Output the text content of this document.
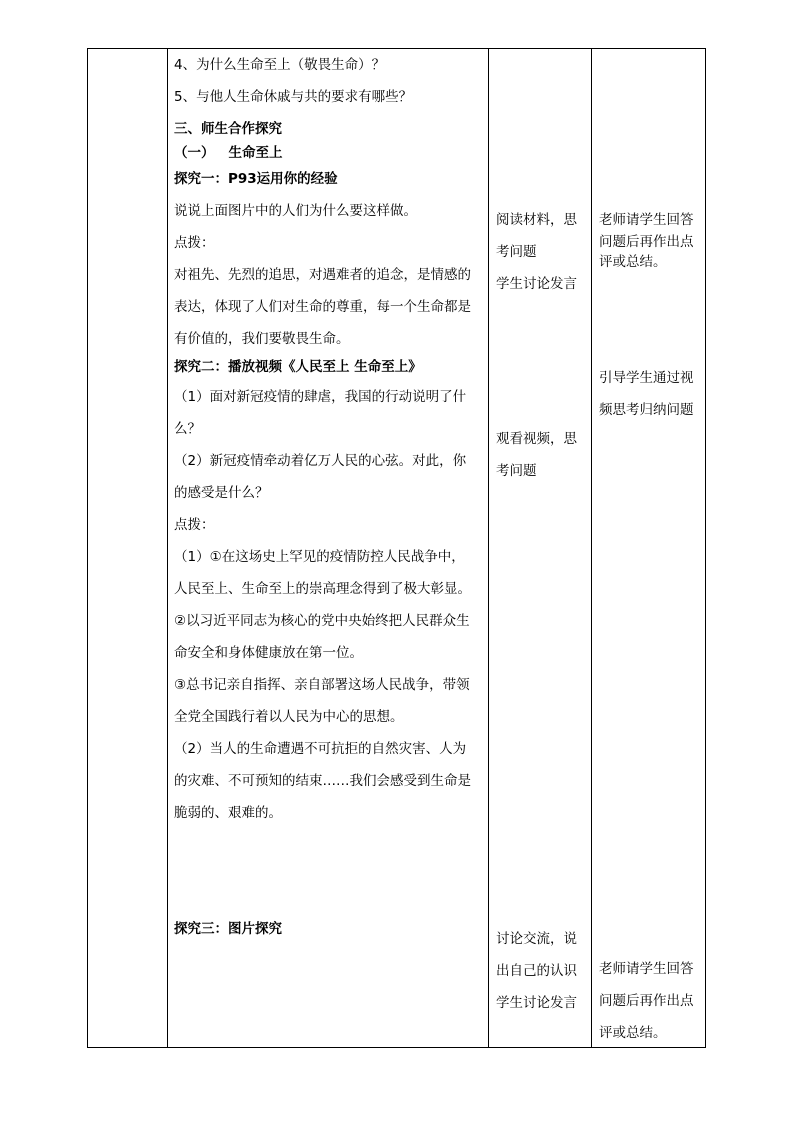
4、为什么生命至上（敬畏生命）？
5、与他人生命休戚与共的要求有哪些？
三、师生合作探究
（一） 生命至上
探究一：P93运用你的经验
说说上面图片中的人们为什么要这样做。
点拨：
对祖先、先烈的追思，对遇难者的追念，是情感的
表达，体现了人们对生命的尊重，每一个生命都是
有价值的，我们要敬畏生命。
探究二：播放视频《人民至上 生命至上》
（1）面对新冠疫情的肆虐，我国的行动说明了什
么？
（2）新冠疫情牵动着亿万人民的心弦。对此，你
的感受是什么？
点拨：
（1）①在这场史上罕见的疫情防控人民战争中，
人民至上、生命至上的崇高理念得到了极大彰显。
②以习近平同志为核心的党中央始终把人民群众生
命安全和身体健康放在第一位。
③总书记亲自指挥、亲自部署这场人民战争，带领
全党全国践行着以人民为中心的思想。
（2）当人的生命遭遇不可抗拒的自然灾害、人为
的灾难、不可预知的结束……我们会感受到生命是
脆弱的、艰难的。
探究三：图片探究
阅读材料，思
考问题
学生讨论发言
观看视频，思
考问题
讨论交流，说
出自己的认识
学生讨论发言
老师请学生回答
问题后再作出点
评或总结。
引导学生通过视
频思考归纳问题
老师请学生回答
问题后再作出点
评或总结。
